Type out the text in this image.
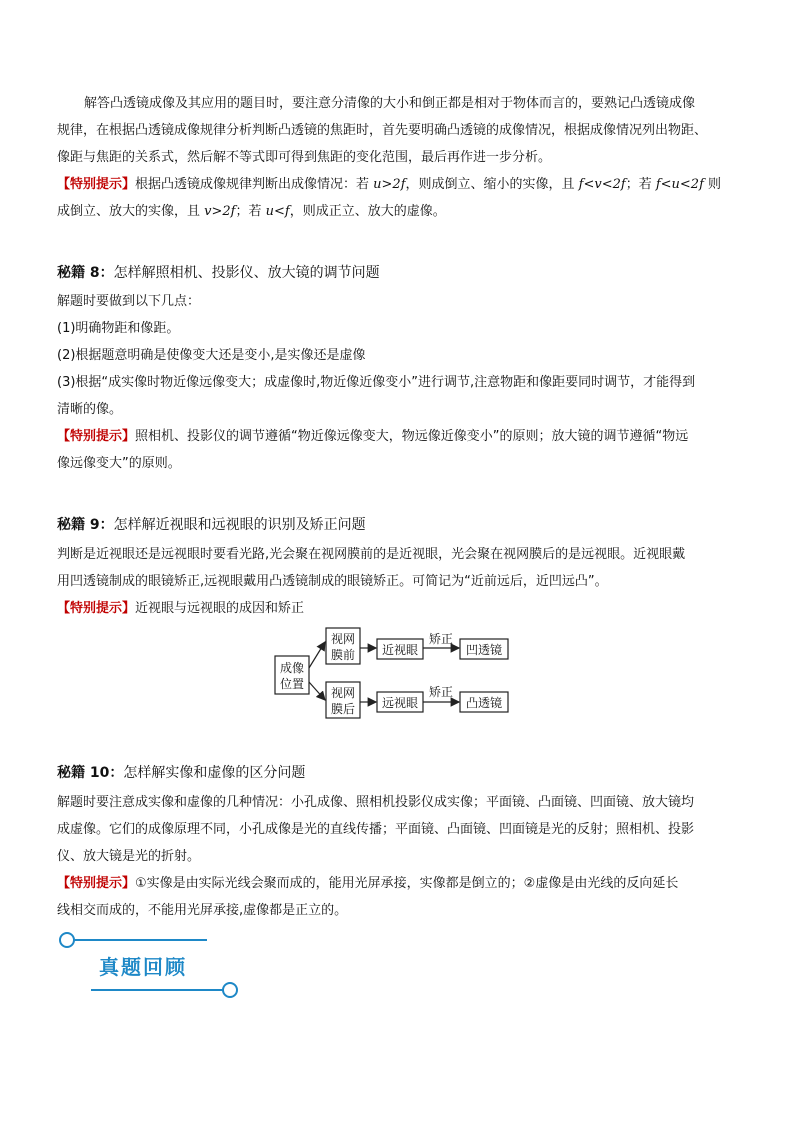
解答凸透镜成像及其应用的题目时，要注意分清像的大小和倒正都是相对于物体而言的，要熟记凸透镜成像

规律，在根据凸透镜成像规律分析判断凸透镜的焦距时，首先要明确凸透镜的成像情况，根据成像情况列出物距、
像距与焦距的关系式，然后解不等式即可得到焦距的变化范围，最后再作进一步分析。

【特别提示】根据凸透镜成像规律判断出成像情况：若 u>2f，则成倒立、缩小的实像，且 f<v<2f；若 f<u<2f 则
成倒立、放大的实像，且 v>2f；若 u<f，则成正立、放大的虚像。

秘籍 8：怎样解照相机、投影仪、放大镜的调节问题

解题时要做到以下几点：
(1)明确物距和像距。
(2)根据题意明确是使像变大还是变小,是实像还是虚像
(3)根据“成实像时物近像远像变大；成虚像时,物近像近像变小”进行调节,注意物距和像距要同时调节，才能得到
清晰的像。
【特别提示】照相机、投影仪的调节遵循“物近像远像变大，物远像近像变小”的原则；放大镜的调节遵循“物远
像远像变大”的原则。

秘籍 9：怎样解近视眼和远视眼的识别及矫正问题

判断是近视眼还是远视眼时要看光路,光会聚在视网膜前的是近视眼，光会聚在视网膜后的是远视眼。近视眼戴
用凹透镜制成的眼镜矫正,远视眼戴用凸透镜制成的眼镜矫正。可简记为“近前远后，近凹远凸”。
【特别提示】近视眼与远视眼的成因和矫正

成像
位置
视网
膜前
视网
膜后
近视眼
矫正
凹透镜
远视眼
矫正
凸透镜
秘籍 10：怎样解实像和虚像的区分问题

解题时要注意成实像和虚像的几种情况：小孔成像、照相机投影仪成实像；平面镜、凸面镜、凹面镜、放大镜均
成虚像。它们的成像原理不同，小孔成像是光的直线传播；平面镜、凸面镜、凹面镜是光的反射；照相机、投影
仪、放大镜是光的折射。
【特别提示】①实像是由实际光线会聚而成的，能用光屏承接，实像都是倒立的；②虚像是由光线的反向延长
线相交而成的，不能用光屏承接,虚像都是正立的。

真题回顾
